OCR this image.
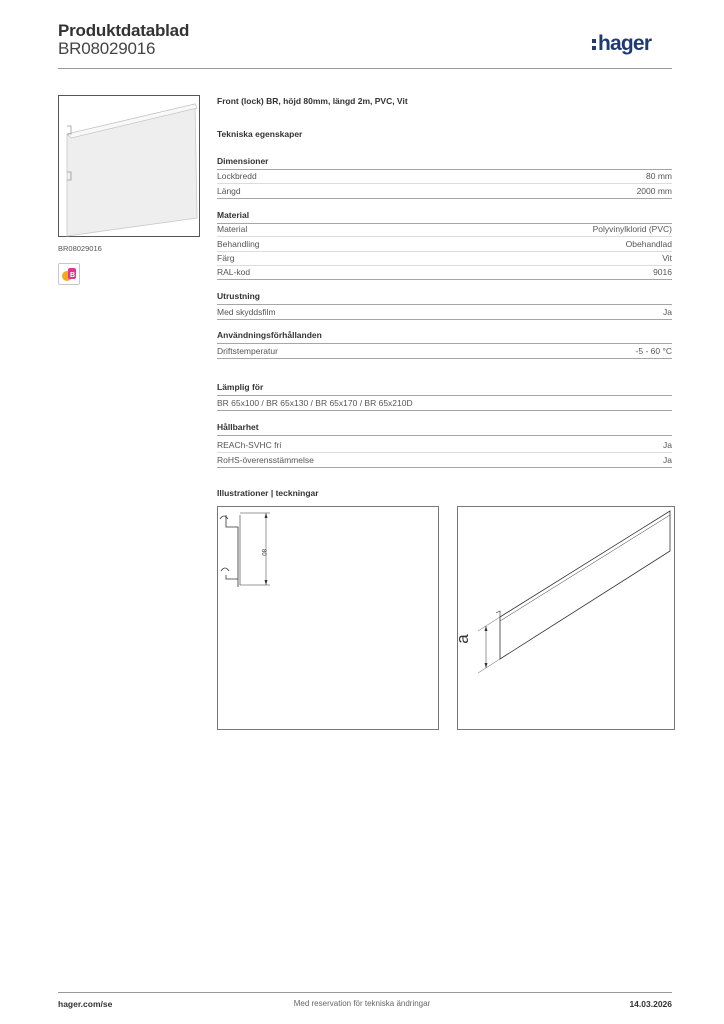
Produktdatablad
BR08029016	hager
BR08029016
B
Front (lock) BR, höjd 80mm, längd 2m, PVC, Vit
Tekniska egenskaper
Dimensioner
Lockbredd	80 mm
Längd	2000 mm
Material
Material	Polyvinylklorid (PVC)
Behandling	Obehandlad
Färg	Vit
RAL-kod	9016
Utrustning
Med skyddsfilm	Ja
Användningsförhållanden
Driftstemperatur	-5 - 60 °C
Lämplig för
BR 65x100 / BR 65x130 / BR 65x170 / BR 65x210D
Hållbarhet
REACh-SVHC fri	Ja
RoHS-överensstämmelse	Ja
Illustrationer | teckningar
80
a
hager.com/se	Med reservation för tekniska ändringar	14.03.2026
